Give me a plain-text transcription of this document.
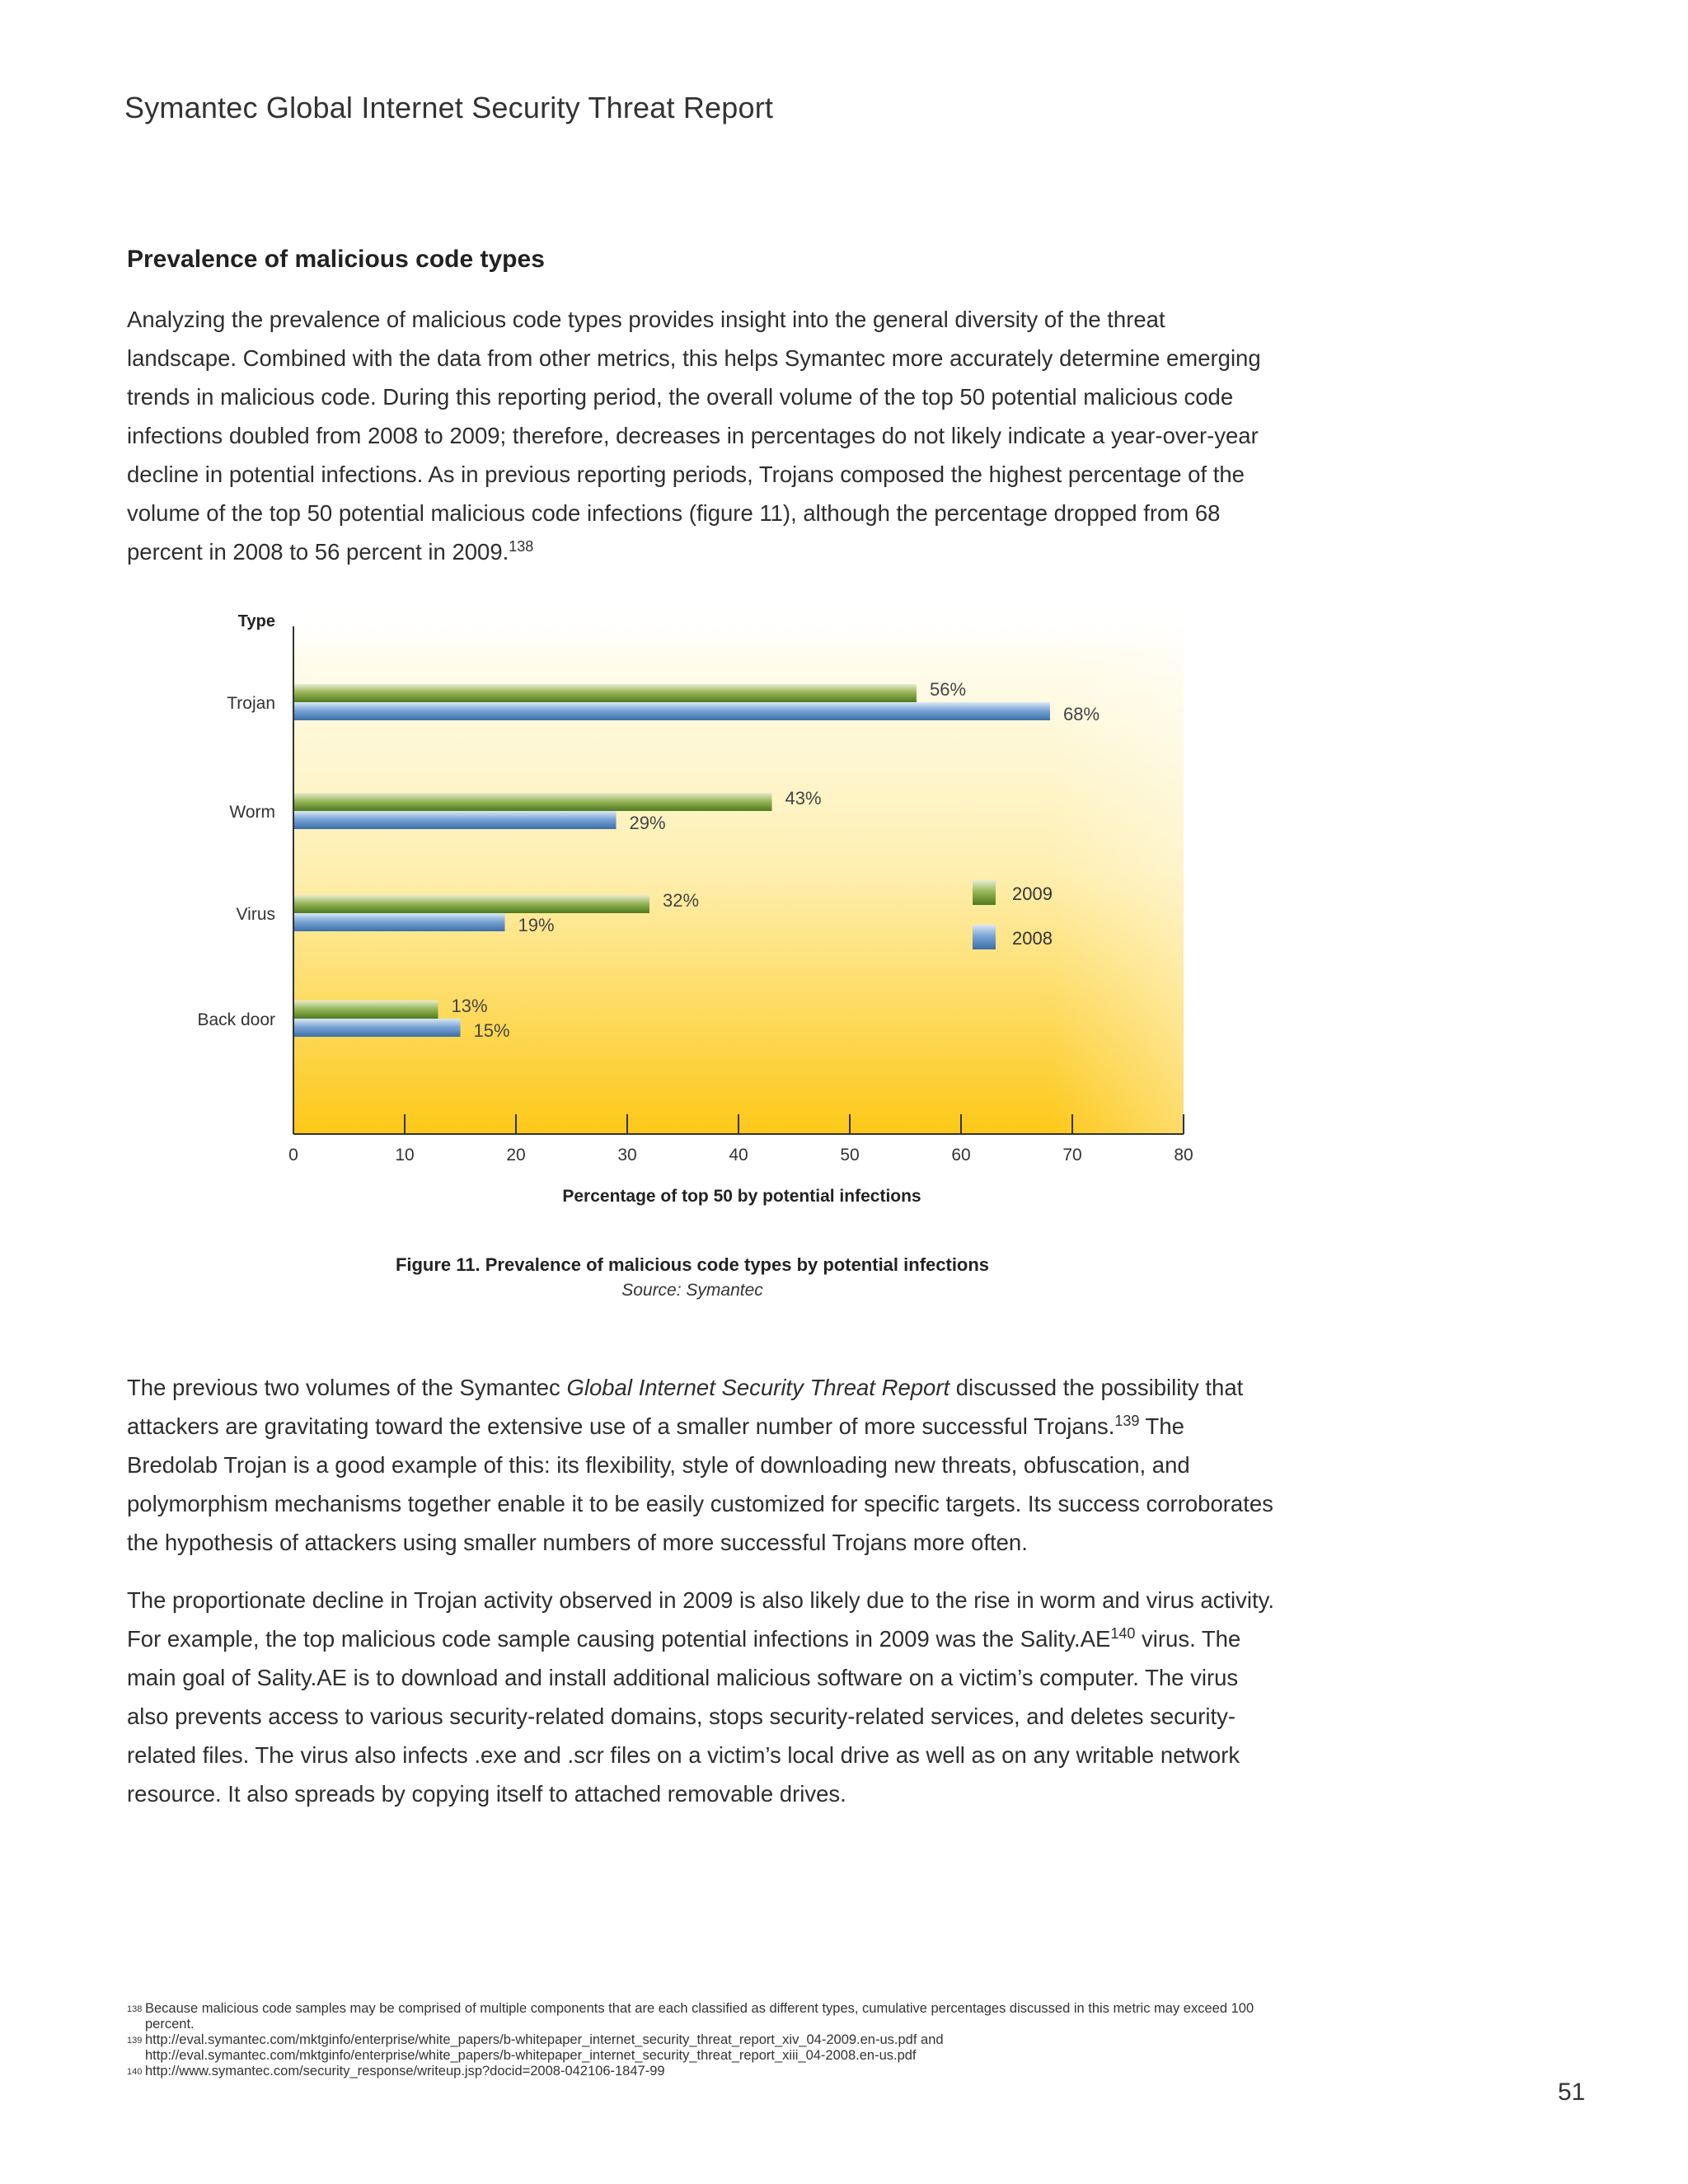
Symantec Global Internet Security Threat Report
Prevalence of malicious code types

Analyzing the prevalence of malicious code types provides insight into the general diversity of the threat landscape. Combined with the data from other metrics, this helps Symantec more accurately determine emerging trends in malicious code. During this reporting period, the overall volume of the top 50 potential malicious code infections doubled from 2008 to 2009; therefore, decreases in percentages do not likely indicate a year-over-year decline in potential infections. As in previous reporting periods, Trojans composed the highest percentage of the volume of the top 50 potential malicious code infections (figure 11), although the percentage dropped from 68 percent in 2008 to 56 percent in 2009.$^{138}$

Trojan
56%
68%
Worm
43%
29%
Virus
32%
19%
Back door
13%
15%
Type
0	10	20	30	40	50	60	70	80
2009
2008
Percentage of top 50 by potential infections
Figure 11. Prevalence of malicious code types by potential infections
Source: Symantec

The previous two volumes of the Symantec Global Internet Security Threat Report discussed the possibility that attackers are gravitating toward the extensive use of a smaller number of more successful Trojans.$^{139}$ The Bredolab Trojan is a good example of this: its flexibility, style of downloading new threats, obfuscation, and polymorphism mechanisms together enable it to be easily customized for specific targets. Its success corroborates the hypothesis of attackers using smaller numbers of more successful Trojans more often.

The proportionate decline in Trojan activity observed in 2009 is also likely due to the rise in worm and virus activity. For example, the top malicious code sample causing potential infections in 2009 was the Sality.AE$^{140}$ virus. The main goal of Sality.AE is to download and install additional malicious software on a victim’s computer. The virus also prevents access to various security-related domains, stops security-related services, and deletes security-related files. The virus also infects .exe and .scr files on a victim’s local drive as well as on any writable network resource. It also spreads by copying itself to attached removable drives.

138 Because malicious code samples may be comprised of multiple components that are each classified as different types, cumulative percentages discussed in this metric may exceed 100 percent.
139 http://eval.symantec.com/mktginfo/enterprise/white_papers/b-whitepaper_internet_security_threat_report_xiv_04-2009.en-us.pdf and http://eval.symantec.com/mktginfo/enterprise/white_papers/b-whitepaper_internet_security_threat_report_xiii_04-2008.en-us.pdf
140 http://www.symantec.com/security_response/writeup.jsp?docid=2008-042106-1847-99
51
